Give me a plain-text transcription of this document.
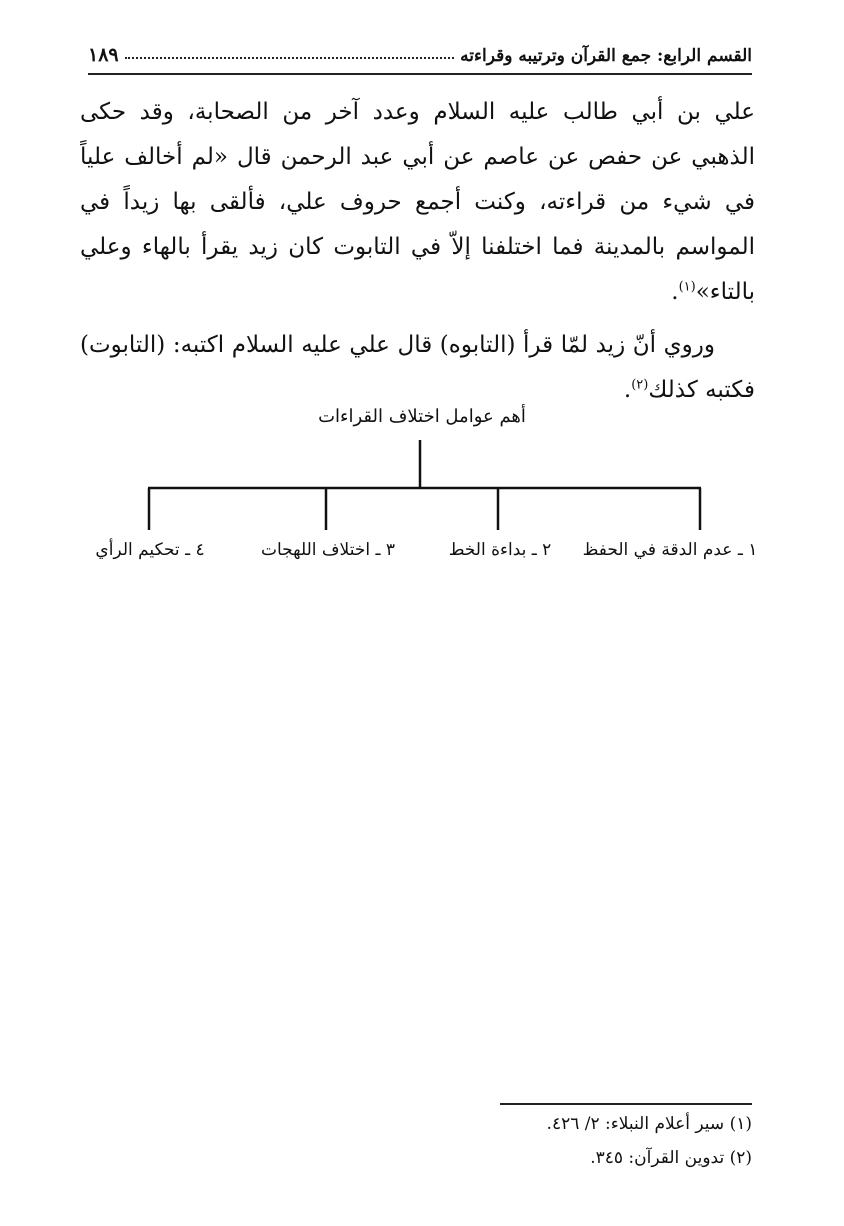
القسم الرابع: جمع القرآن وترتيبه وقراءته
١٨٩

علي بن أبي طالب عليه السلام وعدد آخر من الصحابة، وقد حكى الذهبي عن حفص عن عاصم عن أبي عبد الرحمن قال «لم أخالف علياً في شيء من قراءته، وكنت أجمع حروف علي، فألقى بها زيداً في المواسم بالمدينة فما اختلفنا إلاّ في التابوت كان زيد يقرأ بالهاء وعلي بالتاء»$^{(١)}$.

وروي أنّ زيد لمّا قرأ (التابوه) قال علي عليه السلام اكتبه: (التابوت) فكتبه كذلك$^{(٢)}$.

أهم عوامل اختلاف القراءات
١ ـ عدم الدقة في الحفظ
٢ ـ بداءة الخط
٣ ـ اختلاف اللهجات
٤ ـ تحكيم الرأي

(١) سير أعلام النبلاء: ٢/ ٤٢٦.

(٢) تدوين القرآن: ٣٤٥.
